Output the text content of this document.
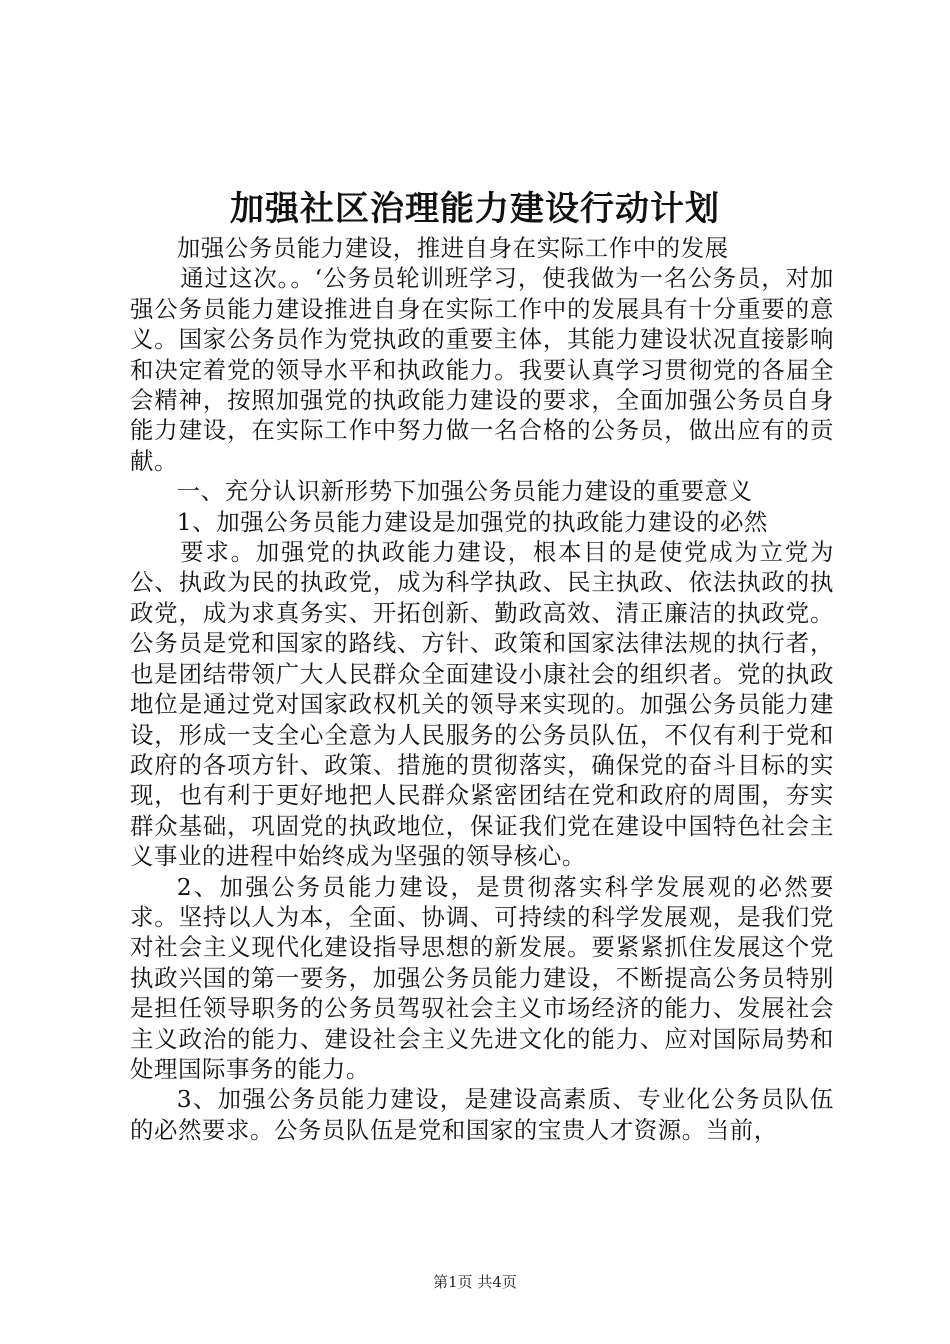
加强社区治理能力建设行动计划

加强公务员能力建设，推进自身在实际工作中的发展

通过这次。。‘公务员轮训班学习，使我做为一名公务员，对加强公务员能力建设推进自身在实际工作中的发展具有十分重要的意义。国家公务员作为党执政的重要主体，其能力建设状况直接影响和决定着党的领导水平和执政能力。我要认真学习贯彻党的各届全会精神，按照加强党的执政能力建设的要求，全面加强公务员自身能力建设，在实际工作中努力做一名合格的公务员，做出应有的贡献。

一、充分认识新形势下加强公务员能力建设的重要意义

1、加强公务员能力建设是加强党的执政能力建设的必然

要求。加强党的执政能力建设，根本目的是使党成为立党为公、执政为民的执政党，成为科学执政、民主执政、依法执政的执政党，成为求真务实、开拓创新、勤政高效、清正廉洁的执政党。公务员是党和国家的路线、方针、政策和国家法律法规的执行者，也是团结带领广大人民群众全面建设小康社会的组织者。党的执政地位是通过党对国家政权机关的领导来实现的。加强公务员能力建设，形成一支全心全意为人民服务的公务员队伍，不仅有利于党和政府的各项方针、政策、措施的贯彻落实，确保党的奋斗目标的实现，也有利于更好地把人民群众紧密团结在党和政府的周围，夯实群众基础，巩固党的执政地位，保证我们党在建设中国特色社会主义事业的进程中始终成为坚强的领导核心。

2、加强公务员能力建设，是贯彻落实科学发展观的必然要求。坚持以人为本，全面、协调、可持续的科学发展观，是我们党对社会主义现代化建设指导思想的新发展。要紧紧抓住发展这个党执政兴国的第一要务，加强公务员能力建设，不断提高公务员特别是担任领导职务的公务员驾驭社会主义市场经济的能力、发展社会主义政治的能力、建设社会主义先进文化的能力、应对国际局势和处理国际事务的能力。

3、加强公务员能力建设，是建设高素质、专业化公务员队伍的必然要求。公务员队伍是党和国家的宝贵人才资源。当前，

第1页 共4页
